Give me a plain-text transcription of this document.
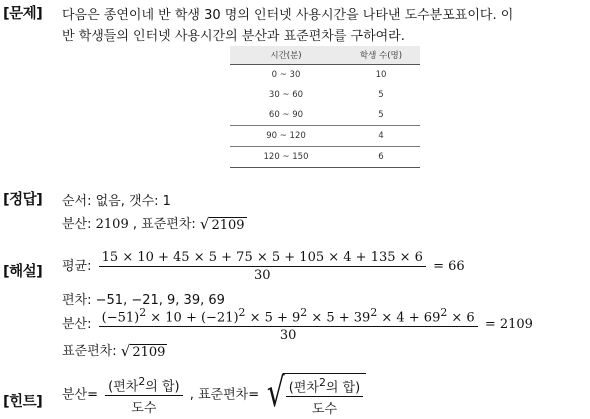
[문제] 다음은 종연이네 반 학생 30 명의 인터넷 사용시간을 나타낸 도수분포표이다. 이
반 학생들의 인터넷 사용시간의 분산과 표준편차를 구하여라.
시간(분)	학생 수(명)
0 ~ 30	10
30 ~ 60	5
60 ~ 90	5
90 ~ 120	4
120 ~ 150	6
[정답] 순서: 없음, 갯수: 1
분산: 2109 , 표준편차: √ 2109
[해설] 평균: $\frac{15 \times 10 + 45 \times 5 + 75 \times 5 + 105 \times 4 + 135 \times 6}{30} = 66$
편차: −51, −21, 9, 39, 69
분산: $\frac{(-51)^2 \times 10 + (-21)^2 \times 5 + 9^2 \times 5 + 39^2 \times 4 + 69^2 \times 6}{30} = 2109$
표준편차: √ 2109
[힌트] 분산= $\frac{(편차^2의 합)}{\text{도수}}$ , 표준편차= √ $\frac{(편차^2의 합)}{\text{도수}}$
